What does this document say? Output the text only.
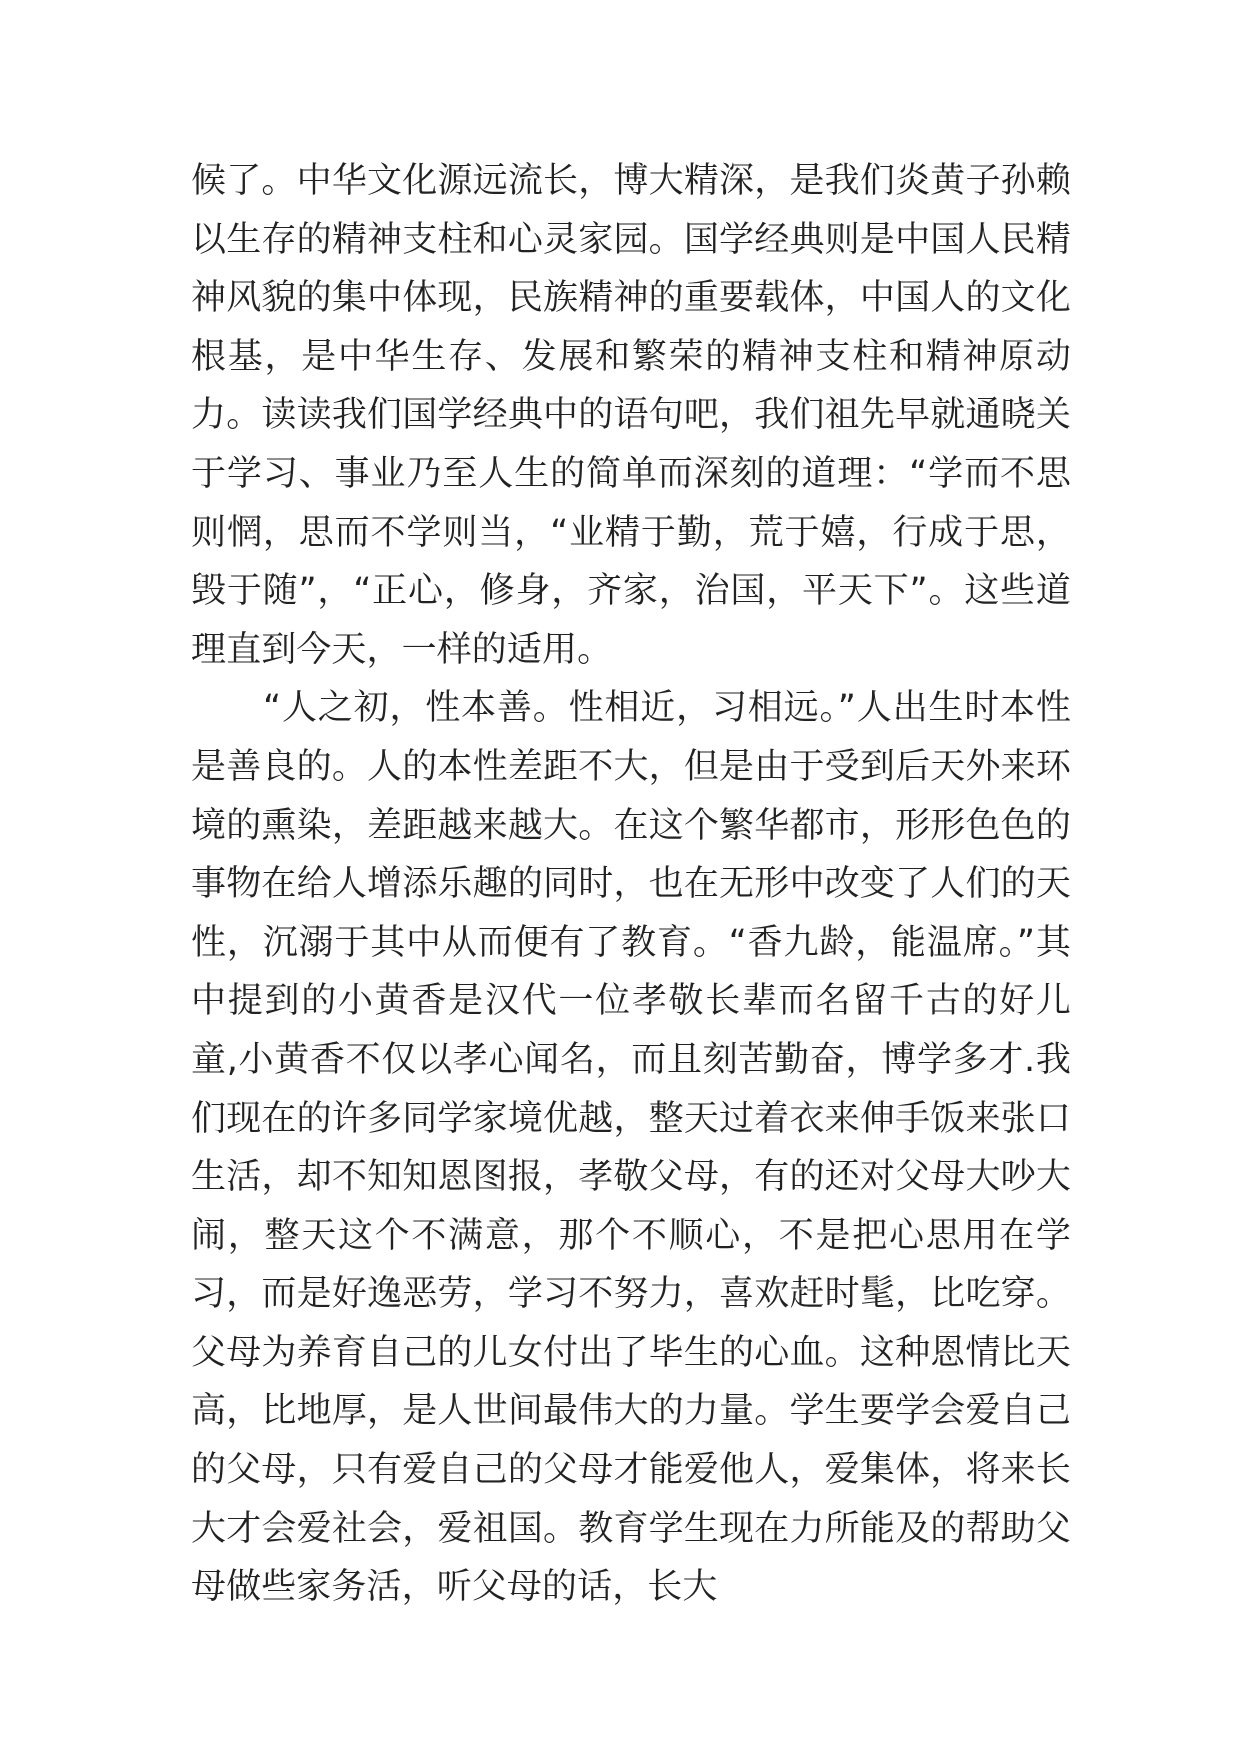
候了。中华文化源远流长，博大精深，是我们炎黄子孙赖以生存的精神支柱和心灵家园。国学经典则是中国人民精神风貌的集中体现，民族精神的重要载体，中国人的文化根基，是中华生存、发展和繁荣的精神支柱和精神原动力。读读我们国学经典中的语句吧，我们祖先早就通晓关于学习、事业乃至人生的简单而深刻的道理：“学而不思则惘，思而不学则当，“业精于勤，荒于嬉，行成于思，毁于随”，“正心，修身，齐家，治国，平天下”。这些道理直到今天，一样的适用。

“人之初，性本善。性相近，习相远。”人出生时本性是善良的。人的本性差距不大，但是由于受到后天外来环境的熏染，差距越来越大。在这个繁华都市，形形色色的事物在给人增添乐趣的同时，也在无形中改变了人们的天性，沉溺于其中从而便有了教育。“香九龄，能温席。”其中提到的小黄香是汉代一位孝敬长辈而名留千古的好儿童,小黄香不仅以孝心闻名，而且刻苦勤奋，博学多才.我们现在的许多同学家境优越，整天过着衣来伸手饭来张口生活，却不知知恩图报，孝敬父母，有的还对父母大吵大闹，整天这个不满意，那个不顺心，不是把心思用在学习，而是好逸恶劳，学习不努力，喜欢赶时髦，比吃穿。父母为养育自己的儿女付出了毕生的心血。这种恩情比天高，比地厚，是人世间最伟大的力量。学生要学会爱自己的父母，只有爱自己的父母才能爱他人，爱集体，将来长大才会爱社会，爱祖国。教育学生现在力所能及的帮助父母做些家务活，听父母的话，长大
